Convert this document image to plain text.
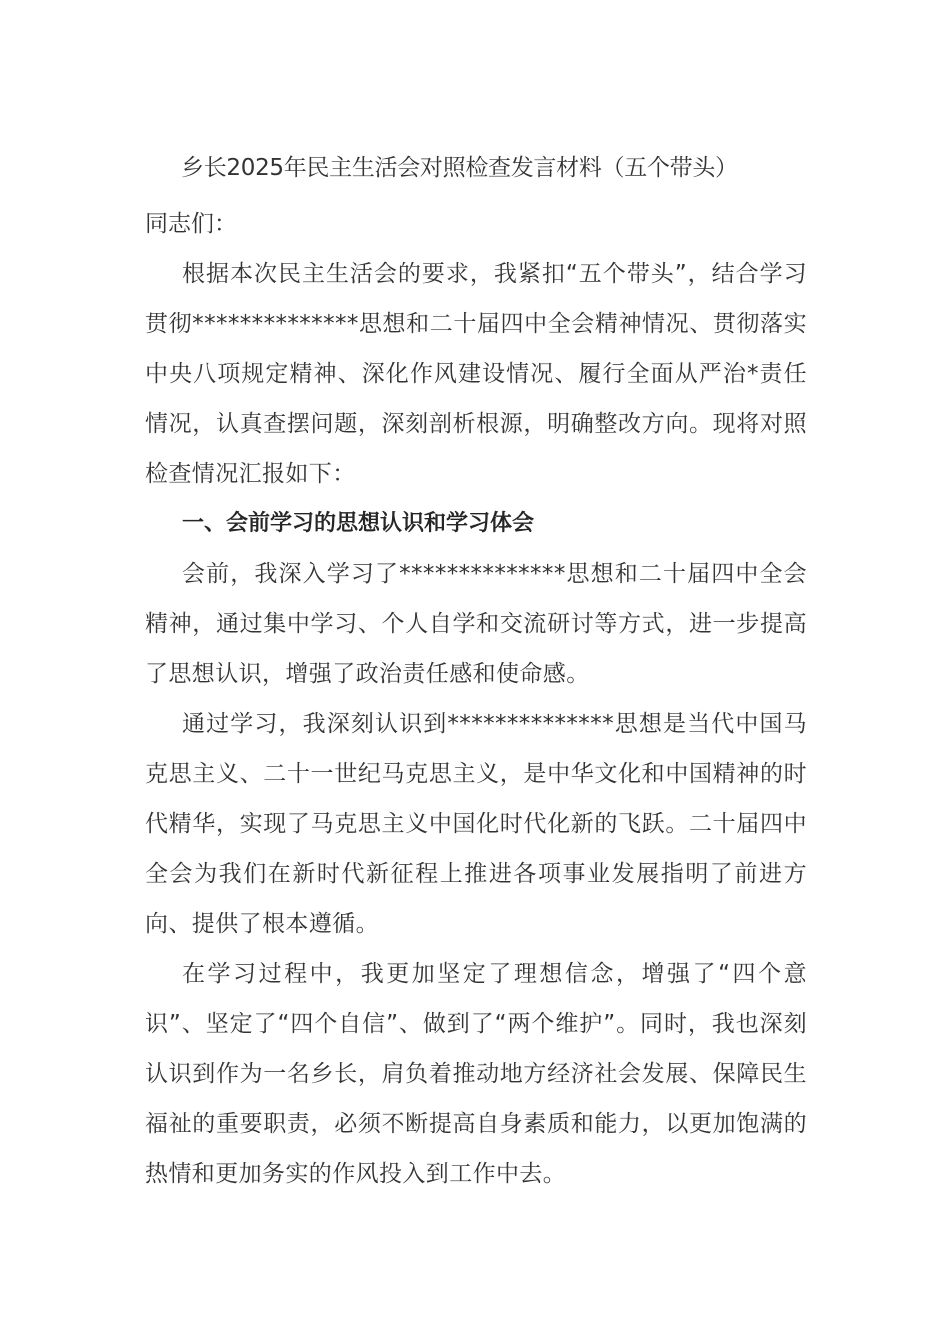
乡长2025年民主生活会对照检查发言材料（五个带头）
同志们：

根据本次民主生活会的要求，我紧扣“五个带头”，结合学习贯彻**************思想和二十届四中全会精神情况、贯彻落实中央八项规定精神、深化作风建设情况、履行全面从严治*责任情况，认真查摆问题，深刻剖析根源，明确整改方向。现将对照检查情况汇报如下：

一、会前学习的思想认识和学习体会

会前，我深入学习了**************思想和二十届四中全会精神，通过集中学习、个人自学和交流研讨等方式，进一步提高了思想认识，增强了政治责任感和使命感。

通过学习，我深刻认识到**************思想是当代中国马克思主义、二十一世纪马克思主义，是中华文化和中国精神的时代精华，实现了马克思主义中国化时代化新的飞跃。二十届四中全会为我们在新时代新征程上推进各项事业发展指明了前进方向、提供了根本遵循。

在学习过程中，我更加坚定了理想信念，增强了“四个意识”、坚定了“四个自信”、做到了“两个维护”。同时，我也深刻认识到作为一名乡长，肩负着推动地方经济社会发展、保障民生福祉的重要职责，必须不断提高自身素质和能力，以更加饱满的热情和更加务实的作风投入到工作中去。
